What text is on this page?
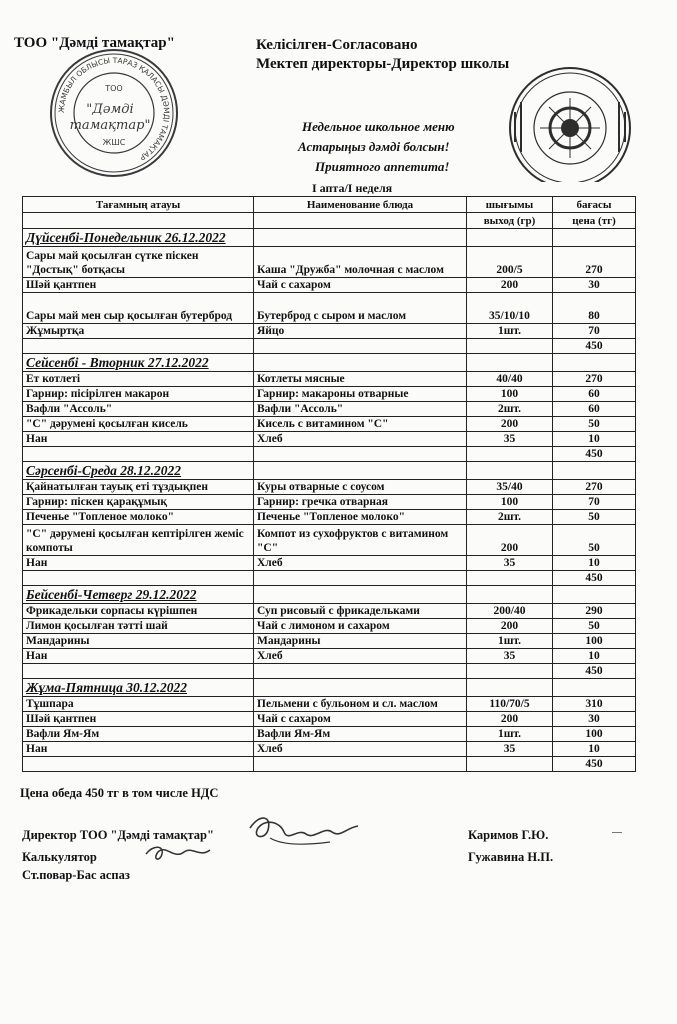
ТОО "Дәмді тамақтар"	Келісілген-Согласовано
Мектеп директоры-Директор школы
Недельное школьное меню
Астарыңыз дәмді болсын!
Приятного аппетита!
I апта/I неделя
ЖАМБЫЛ ОБЛЫСЫ ТАРАЗ ҚАЛАСЫ ДӘМДІ ТАМАҚТАР
ТОО
"Дәмді
тамақтар"
ЖШС
Тағамның атауы	Наименование блюда	шығымы	бағасы
		выход (гр)	цена (тг)
Дүйсенбі-Понедельник 26.12.2022			
Сары май қосылған сүтке піскен "Достық" ботқасы	Каша "Дружба" молочная с маслом	200/5	270
Шәй қантпен	Чай с сахаром	200	30
Сары май мен сыр қосылған бутерброд	Бутерброд с сыром и маслом	35/10/10	80
Жұмыртқа	Яйцо	1шт.	70
			450
Сейсенбі - Вторник 27.12.2022			
Ет котлеті	Котлеты мясные	40/40	270
Гарнир: пісірілген макарон	Гарнир: макароны отварные	100	60
Вафли "Ассоль"	Вафли "Ассоль"	2шт.	60
"С" дәрумені қосылған кисель	Кисель с витамином "С"	200	50
Нан	Хлеб	35	10
			450
Сәрсенбі-Среда 28.12.2022			
Қайнатылған тауық еті тұздықпен	Куры отварные с соусом	35/40	270
Гарнир: піскен қарақұмық	Гарнир: гречка отварная	100	70
Печенье "Топленое молоко"	Печенье "Топленое молоко"	2шт.	50
"С" дәрумені қосылған кептірілген жеміс компоты	Компот из сухофруктов с витамином "С"	200	50
Нан	Хлеб	35	10
			450
Бейсенбі-Четверг 29.12.2022			
Фрикадельки сорпасы күрішпен	Суп рисовый с фрикадельками	200/40	290
Лимон қосылған тәтті шай	Чай с лимоном и сахаром	200	50
Мандарины	Мандарины	1шт.	100
Нан	Хлеб	35	10
			450
Жұма-Пятница 30.12.2022			
Тұшпара	Пельмени с бульоном и сл. маслом	110/70/5	310
Шәй қантпен	Чай с сахаром	200	30
Вафли Ям-Ям	Вафли Ям-Ям	1шт.	100
Нан	Хлеб	35	10
			450
Цена обеда 450 тг в том числе НДС
Директор ТОО "Дәмді тамақтар"	Каримов Г.Ю.
Калькулятор	Гужавина Н.П.
Ст.повар-Бас аспаз
